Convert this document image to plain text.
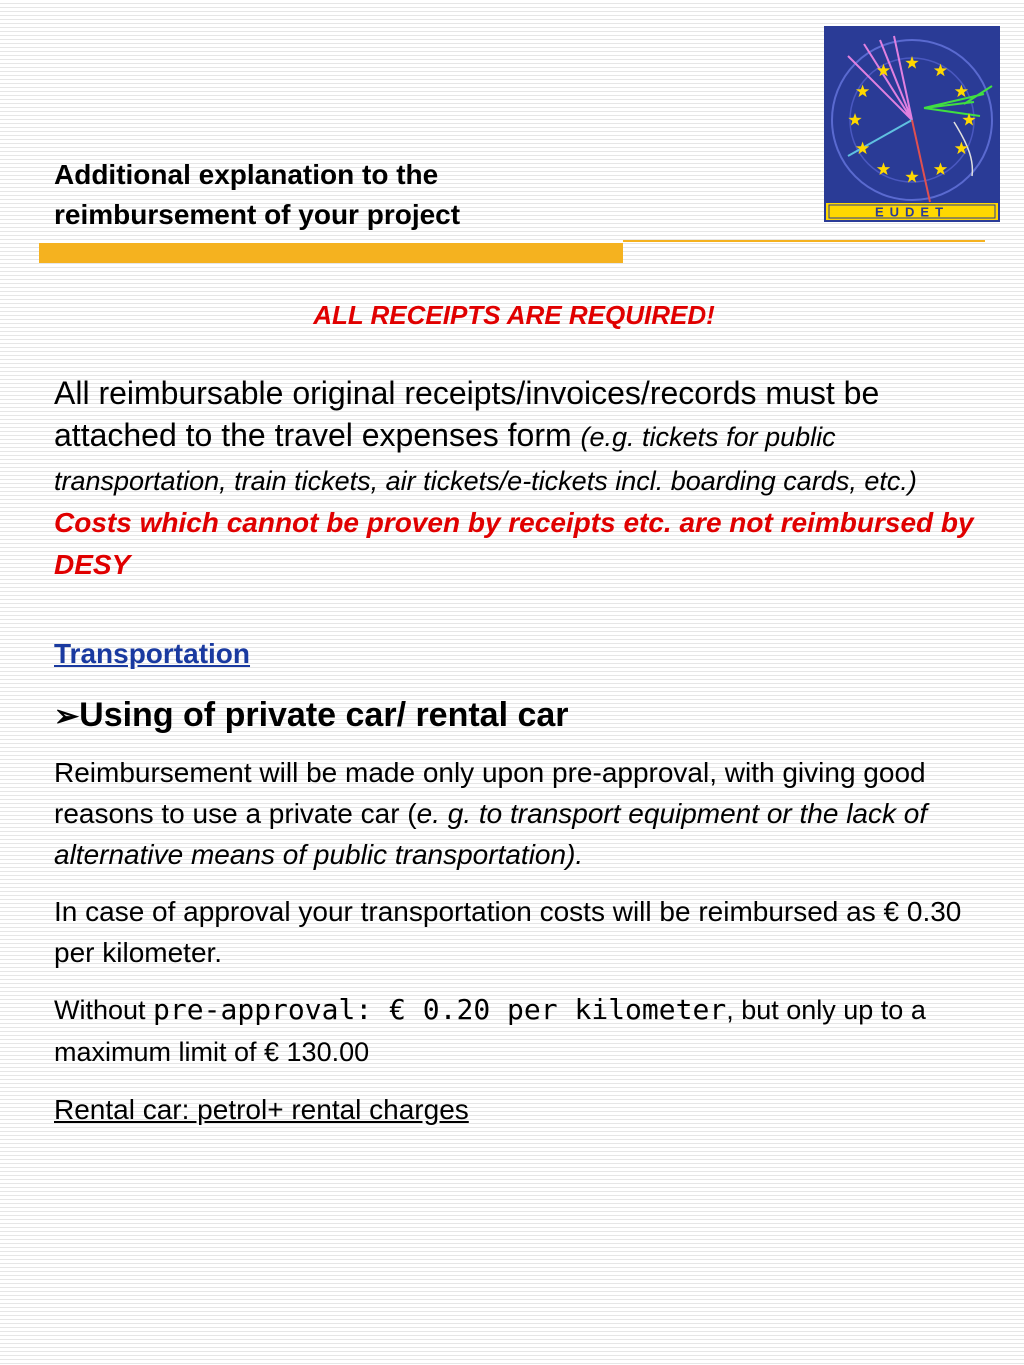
Additional explanation to the
reimbursement of your project	EUDET

ALL RECEIPTS ARE REQUIRED!

All reimbursable original receipts/invoices/records must be attached to the travel expenses form (e.g. tickets for public transportation, train tickets, air tickets/e-tickets incl. boarding cards, etc.)

Costs which cannot be proven by receipts etc. are not reimbursed by DESY

Transportation

➢Using of private car/ rental car

Reimbursement will be made only upon pre-approval, with giving good reasons to use a private car (e. g. to transport equipment or the lack of alternative means of public transportation).

In case of approval your transportation costs will be reimbursed as € 0.30 per kilometer.

Without pre-approval: € 0.20 per kilometer, but only up to a maximum limit of € 130.00

Rental car: petrol+ rental charges
